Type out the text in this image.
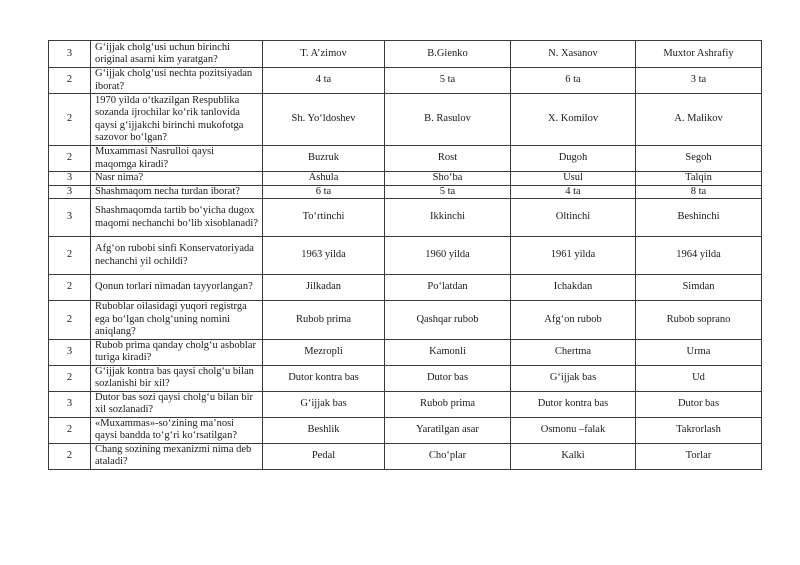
3	G‘ijjak cholg‘usi uchun birinchi original asarni kim yaratgan?	T. A’zimov	B.Gienko	N. Xasanov	Muxtor Ashrafiy
2	G‘ijjak cholg‘usi nechta pozitsiyadan iborat?	4 ta	5 ta	6 ta	3 ta
2	1970 yilda o‘tkazilgan Respublika sozanda ijrochilar ko‘rik tanlovida qaysi g‘ijjakchi birinchi mukofotga sazovor bo‘lgan?	Sh. Yo‘ldoshev	B. Rasulov	X. Komilov	A. Malikov
2	Muxammasi Nasrulloi qaysi maqomga kiradi?	Buzruk	Rost	Dugoh	Segoh
3	Nasr nima?	Ashula	Sho‘ba	Usul	Talqin
3	Shashmaqom necha turdan iborat?	6 ta	5 ta	4 ta	8 ta
3	Shashmaqomda tartib bo‘yicha dugox maqomi nechanchi bo‘lib xisoblanadi?	To‘rtinchi	Ikkinchi	Oltinchi	Beshinchi
2	Afg‘on rubobi sinfi Konservatoriyada nechanchi yil ochildi?	1963 yilda	1960 yilda	1961 yilda	1964 yilda
2	Qonun torlari nimadan tayyorlangan?	Jilkadan	Po‘latdan	Ichakdan	Simdan
2	Ruboblar oilasidagi yuqori registrga ega bo‘lgan cholg‘uning nomini aniqlang?	Rubob prima	Qashqar rubob	Afg‘on rubob	Rubob soprano
3	Rubob prima qanday cholg‘u asboblar turiga kiradi?	Mezropli	Kamonli	Chertma	Urma
2	G‘ijjak kontra bas qaysi cholg‘u bilan sozlanishi bir xil?	Dutor kontra bas	Dutor bas	G‘ijjak bas	Ud
3	Dutor bas sozi qaysi cholg‘u bilan bir xil sozlanadi?	G‘ijjak bas	Rubob prima	Dutor kontra bas	Dutor bas
2	«Muxammas»-so‘zining ma’nosi qaysi bandda to‘g‘ri ko‘rsatilgan?	Beshlik	Yaratilgan asar	Osmonu –falak	Takrorlash
2	Chang sozining mexanizmi nima deb ataladi?	Pedal	Cho‘plar	Kalki	Torlar
